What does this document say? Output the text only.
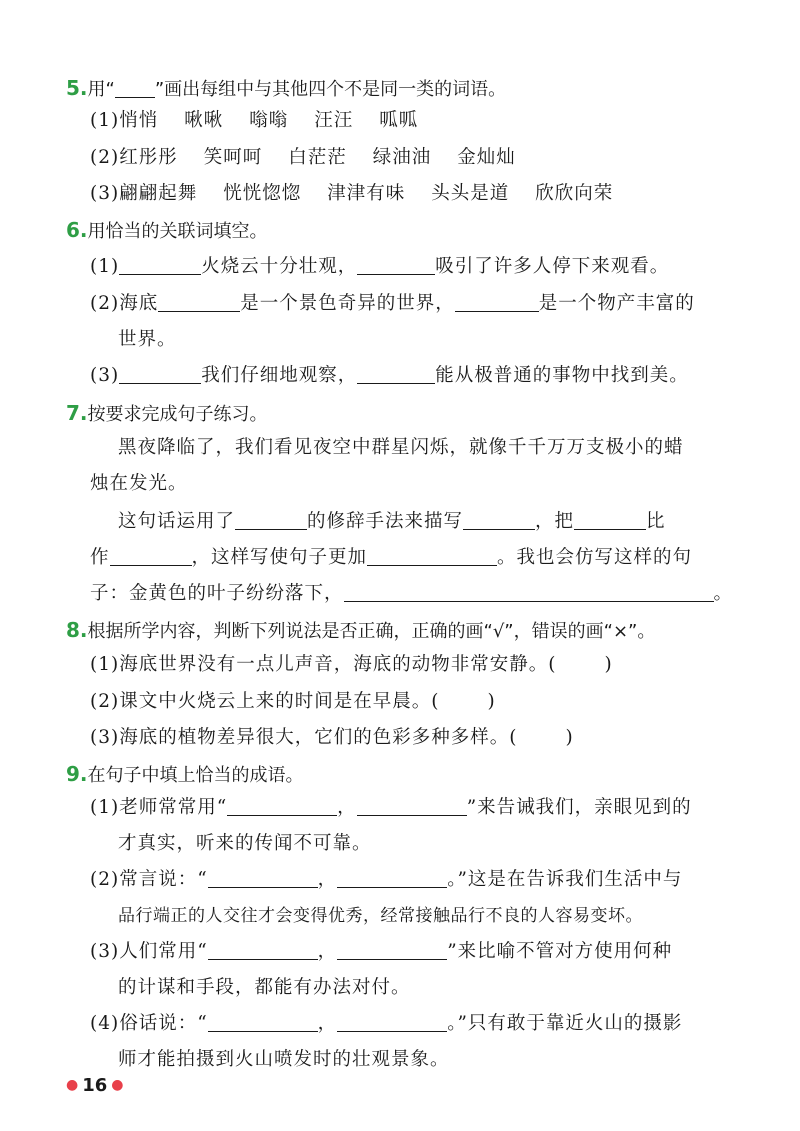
5.用“ ”画出每组中与其他四个不是同一类的词语。
(1)悄悄 啾啾 嗡嗡 汪汪 呱呱
(2)红彤彤 笑呵呵 白茫茫 绿油油 金灿灿
(3)翩翩起舞 恍恍惚惚 津津有味 头头是道 欣欣向荣
6.用恰当的关联词填空。
(1)	火烧云十分壮观，	吸引了许多人停下来观看。
(2)海底	是一个景色奇异的世界，	是一个物产丰富的
世界。
(3)	我们仔细地观察，	能从极普通的事物中找到美。
7.按要求完成句子练习。
黑夜降临了，我们看见夜空中群星闪烁，就像千千万万支极小的蜡
烛在发光。
这句话运用了	的修辞手法来描写	，把	比
作	，这样写使句子更加	。我也会仿写这样的句
子：金黄色的叶子纷纷落下，	。
8.根据所学内容，判断下列说法是否正确，正确的画“√”，错误的画“×”。
(1)海底世界没有一点儿声音，海底的动物非常安静。(	)
(2)课文中火烧云上来的时间是在早晨。(	)
(3)海底的植物差异很大，它们的色彩多种多样。(	)
9.在句子中填上恰当的成语。
(1)老师常常用“	，	”来告诫我们，亲眼见到的
才真实，听来的传闻不可靠。
(2)常言说：“	，	。”这是在告诉我们生活中与
品行端正的人交往才会变得优秀，经常接触品行不良的人容易变坏。
(3)人们常用“	，	”来比喻不管对方使用何种
的计谋和手段，都能有办法对付。
(4)俗话说：“	，	。”只有敢于靠近火山的摄影
师才能拍摄到火山喷发时的壮观景象。
● 16 ●
